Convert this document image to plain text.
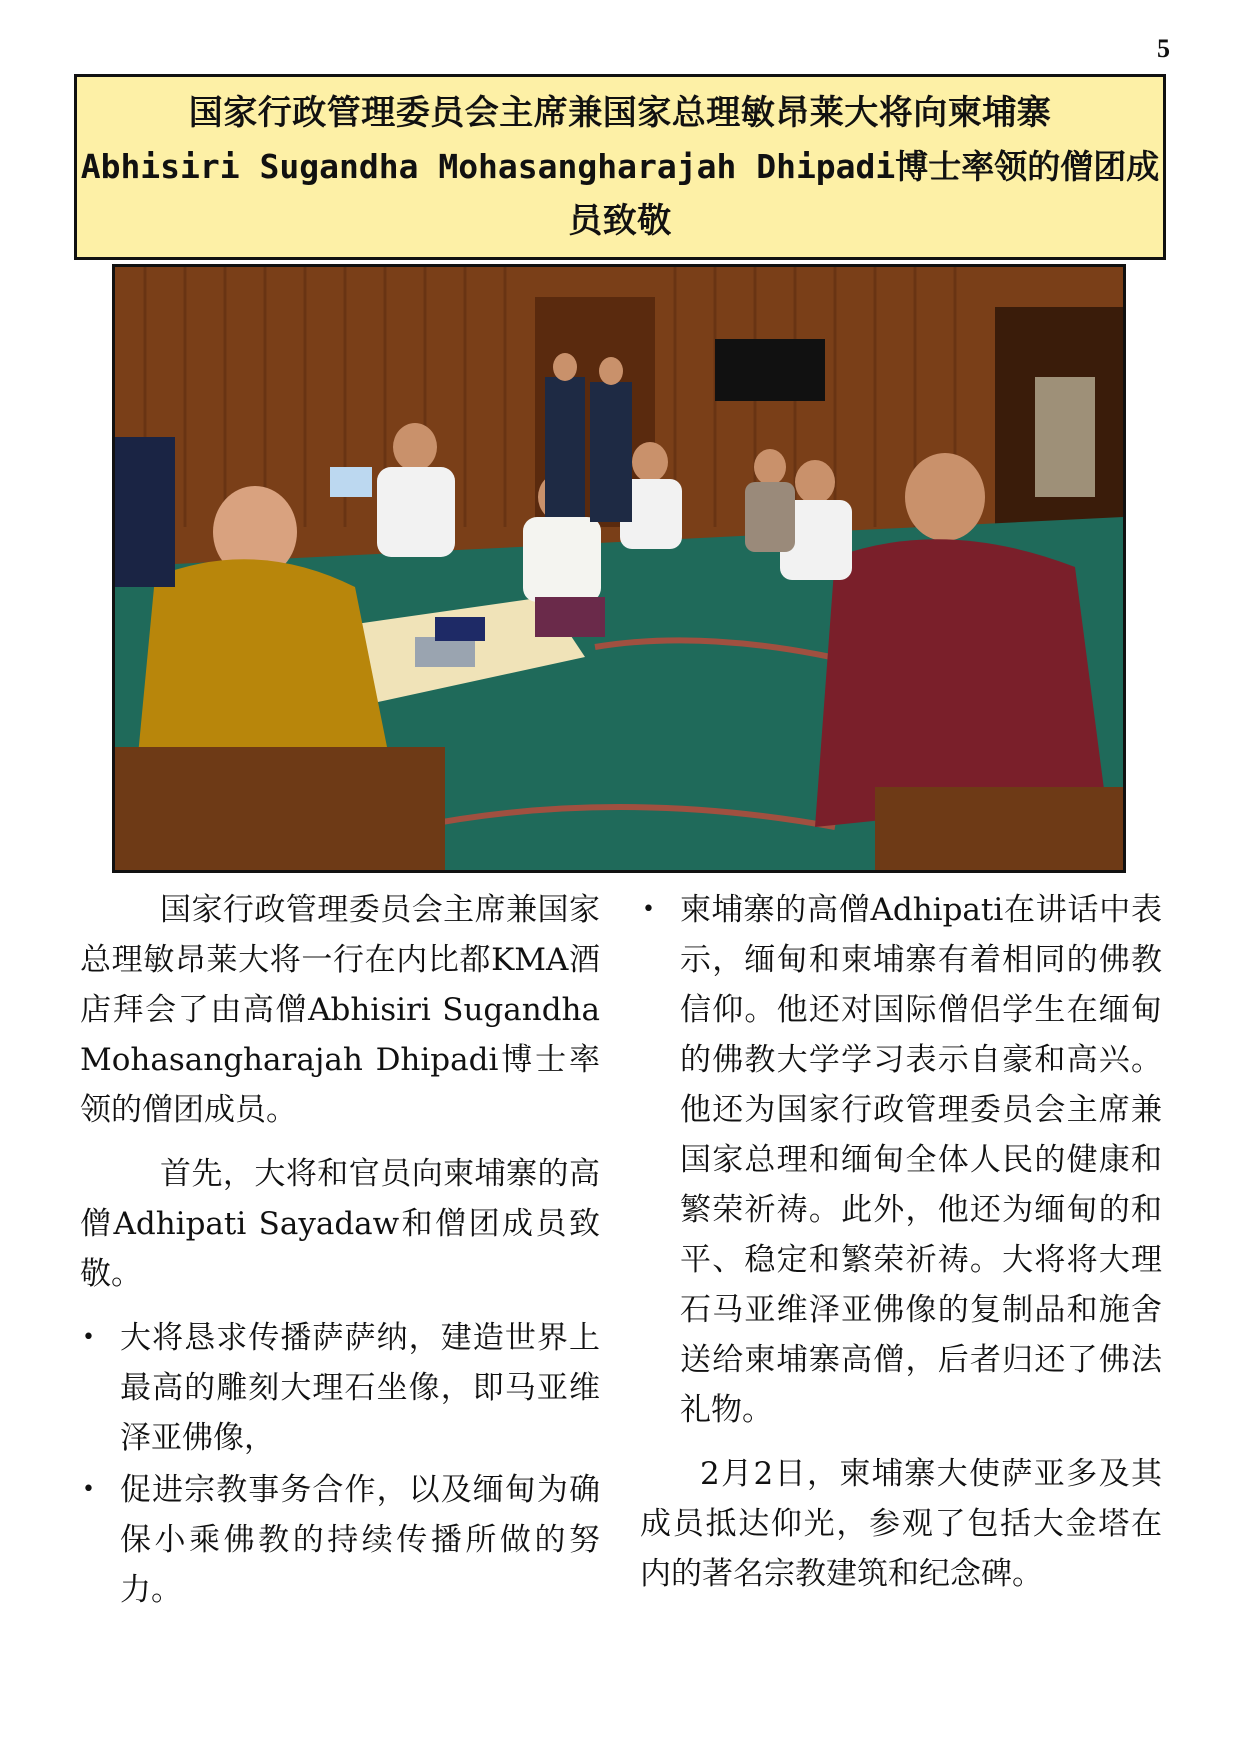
5
国家行政管理委员会主席兼国家总理敏昂莱大将向柬埔寨
Abhisiri Sugandha Mohasangharajah Dhipadi博士率领的僧团成
员致敬

国家行政管理委员会主席兼国家总理敏昂莱大将一行在内比都KMA酒店拜会了由高僧Abhisiri Sugandha Mohasangharajah Dhipadi博士率领的僧团成员。

首先，大将和官员向柬埔寨的高僧Adhipati Sayadaw和僧团成员致敬。

• 大将恳求传播萨萨纳，建造世界上最高的雕刻大理石坐像，即马亚维泽亚佛像，
• 促进宗教事务合作，以及缅甸为确保小乘佛教的持续传播所做的努力。
• 柬埔寨的高僧Adhipati在讲话中表示，缅甸和柬埔寨有着相同的佛教信仰。他还对国际僧侣学生在缅甸的佛教大学学习表示自豪和高兴。他还为国家行政管理委员会主席兼国家总理和缅甸全体人民的健康和繁荣祈祷。此外，他还为缅甸的和平、稳定和繁荣祈祷。大将将大理石马亚维泽亚佛像的复制品和施舍送给柬埔寨高僧，后者归还了佛法礼物。

2月2日，柬埔寨大使萨亚多及其成员抵达仰光，参观了包括大金塔在内的著名宗教建筑和纪念碑。
